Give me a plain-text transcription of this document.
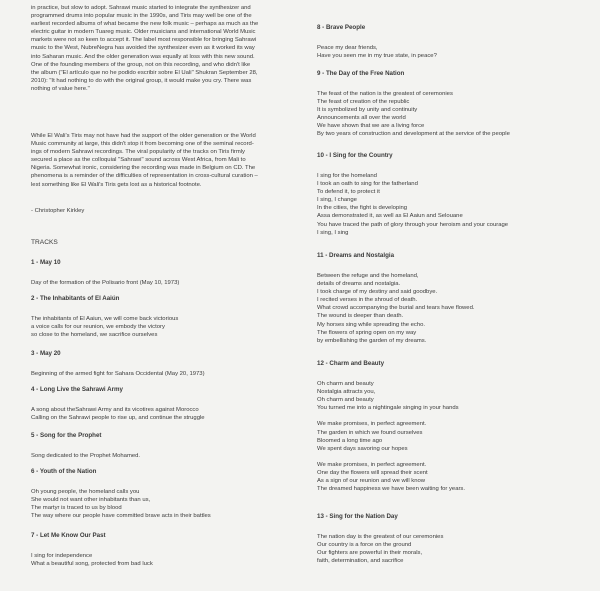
in practice, but slow to adopt. Sahrawi music started to integrate the synthesizer and
programmed drums into popular music in the 1990s, and Tiris may well be one of the
earliest recorded albums of what became the new folk music – perhaps as much as the
electric guitar in modern Tuareg music. Older musicians and international World Music
markets were not so keen to accept it. The label most responsible for bringing Sahrawi
music to the West, NubreNegra has avoided the synthesizer even as it worked its way
into Saharan music. And the older generation was equally at loss with this new sound.
One of the founding members of the group, not on this recording, and who didn't like
the album ("El artículo que no he podido escribir sobre El Uali" Shukran September 28,
2010): "It had nothing to do with the original group, it would make you cry. There was
nothing of value here."
While El Wali's Tiris may not have had the support of the older generation or the World
Music community at large, this didn't stop it from becoming one of the seminal record-
ings of modern Sahrawi recordings. The viral popularity of the tracks on Tiris firmly
secured a place as the colloquial "Sahrawi" sound across West Africa, from Mali to
Nigeria. Somewhat ironic, considering the recording was made in Belgium on CD. The
phenomena is a reminder of the difficulties of representation in cross-cultural curation –
lest something like El Wali's Tiris gets lost as a historical footnote.
- Christopher Kirkley
TRACKS
1 - May 10
Day of the formation of the Polisario front (May 10, 1973)
2 - The Inhabitants of El Aaiún
The inhabitants of El Aaiun, we will come back victorious
a voice calls for our reunion, we embody the victory
so close to the homeland, we sacrifice ourselves
3 - May 20
Beginning of the armed fight for Sahara Occidental (May 20, 1973)
4 - Long Live the Sahrawi Army
A song about theSahrawi Army and its vicotires against Morocco
Calling on the Sahrawi people to rise up, and continue the struggle
5 - Song for the Prophet
Song dedicated to the Prophet Mohamed.
6 - Youth of the Nation
Oh young people, the homeland calls you
She would not want other inhabitants than us,
The martyr is traced to us by blood
The way where our people have committed brave acts in their battles
7 - Let Me Know Our Past
I sing for independence
What a beautiful song, protected from bad luck
8 - Brave People
Peace my dear friends,
Have you seen me in my true state, in peace?
9 - The Day of the Free Nation
The feast of the nation is the greatest of ceremonies
The feast of creation of the republic
It is symbolized by unity and continuity
Announcements all over the world
We have shown that we are a living force
By two years of construction and development at the service of the people
10 - I Sing for the Country
I sing for the homeland
I took an oath to sing for the fatherland
To defend it, to protect it
I sing, I change
In the cities, the fight is developing
Assa demonstrated it, as well as El Aaiun and Selouane
You have traced the path of glory through your heroism and your courage
I sing, I sing
11 - Dreams and Nostalgia
Between the refuge and the homeland,
details of dreams and nostalgia.
I took charge of my destiny and said goodbye.
I recited verses in the shroud of death.
What crowd accompanying the burial and tears have flowed.
The wound is deeper than death.
My horses sing while spreading the echo.
The flowers of spring open on my way
by embellishing the garden of my dreams.
12 - Charm and Beauty
Oh charm and beauty
Nostalgia attracts you,
Oh charm and beauty
You turned me into a nightingale singing in your hands
We make promises, in perfect agreement.
The garden in which we found ourselves
Bloomed a long time ago
We spent days savoring our hopes
We make promises, in perfect agreement.
One day the flowers will spread their scent
As a sign of our reunion and we will know
The dreamed happiness we have been waiting for years.
13 - Sing for the Nation Day
The nation day is the greatest of our ceremonies
Our country is a force on the ground
Our fighters are powerful in their morals,
faith, determination, and sacrifice
